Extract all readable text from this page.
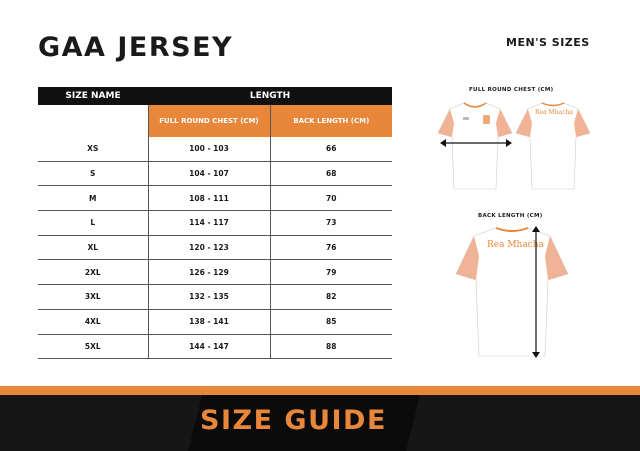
GAA JERSEY	MEN'S SIZES
SIZE NAME	LENGTH	
	FULL ROUND CHEST (CM)	BACK LENGTH (CM)
XS	100 - 103	66
S	104 - 107	68
M	108 - 111	70
L	114 - 117	73
XL	120 - 123	76
2XL	126 - 129	79
3XL	132 - 135	82
4XL	138 - 141	85
5XL	144 - 147	88
Rea Mhacha
FULL ROUND CHEST (CM)
BACK LENGTH (CM)
Rea Mhacha
SIZE GUIDE
